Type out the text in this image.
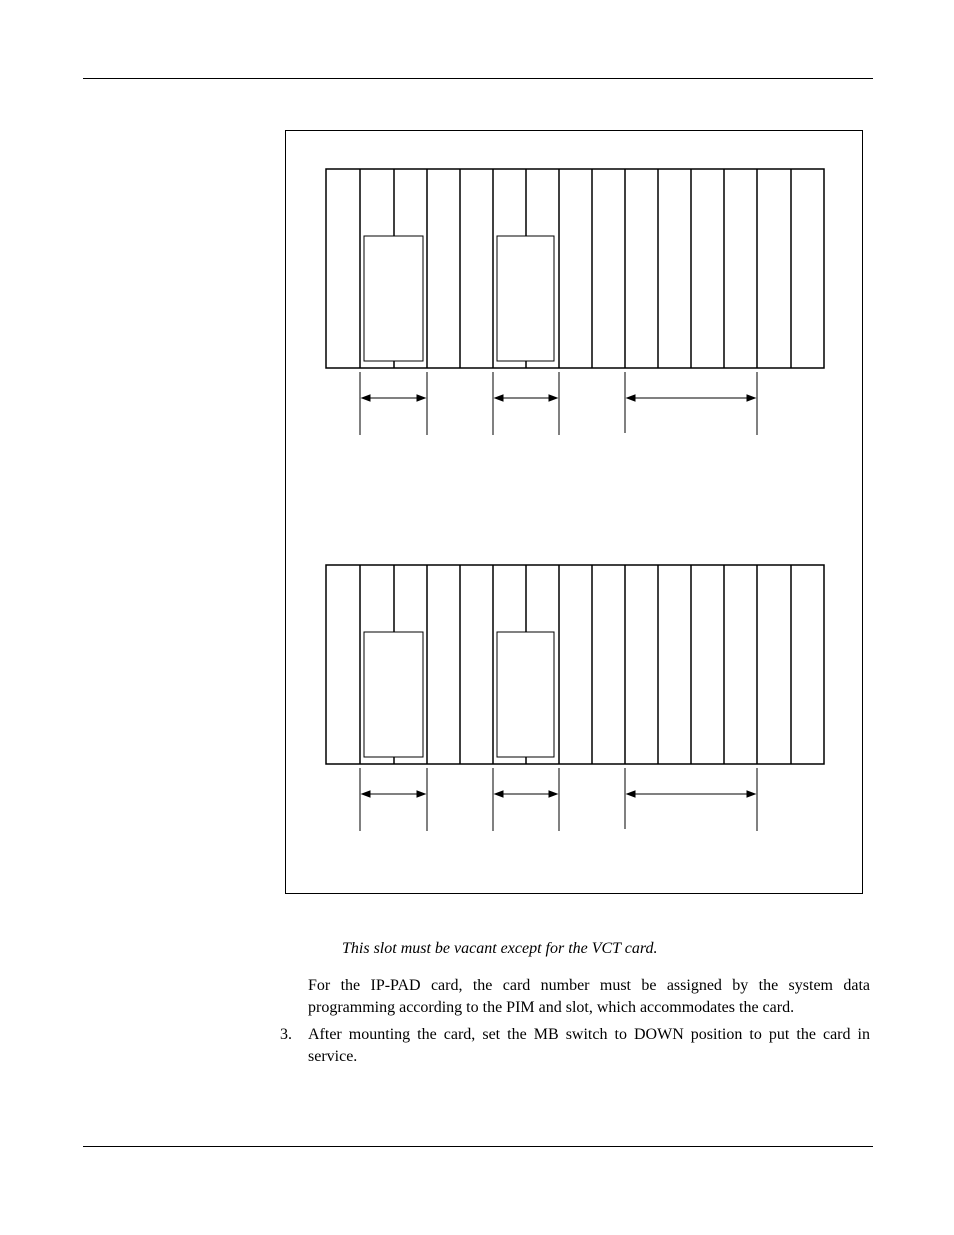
This slot must be vacant except for the VCT card.
For the IP-PAD card, the card number must be assigned by the system data programming according to the PIM and slot, which accommodates the card.
3.	After mounting the card, set the MB switch to DOWN position to put the card in service.
